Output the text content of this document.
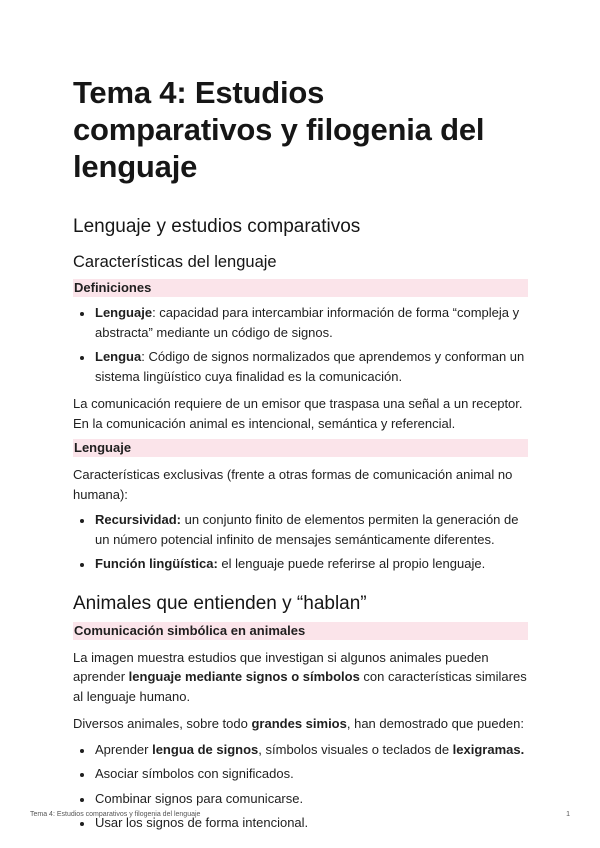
Tema 4: Estudios comparativos y filogenia del lenguaje
Lenguaje y estudios comparativos
Características del lenguaje
Definiciones
• Lenguaje: capacidad para intercambiar información de forma “compleja y abstracta” mediante un código de signos.
• Lengua: Código de signos normalizados que aprendemos y conforman un sistema lingüístico cuya finalidad es la comunicación.

La comunicación requiere de un emisor que traspasa una señal a un receptor. En la comunicación animal es intencional, semántica y referencial.

Lenguaje

Características exclusivas (frente a otras formas de comunicación animal no humana):

• Recursividad: un conjunto finito de elementos permiten la generación de un número potencial infinito de mensajes semánticamente diferentes.
• Función lingüística: el lenguaje puede referirse al propio lenguaje.
Animales que entienden y “hablan”
Comunicación simbólica en animales

La imagen muestra estudios que investigan si algunos animales pueden aprender lenguaje mediante signos o símbolos con características similares al lenguaje humano.

Diversos animales, sobre todo grandes simios, han demostrado que pueden:

• Aprender lengua de signos, símbolos visuales o teclados de lexigramas.
• Asociar símbolos con significados.
• Combinar signos para comunicarse.
• Usar los signos de forma intencional.
Tema 4: Estudios comparativos y filogenia del lenguaje	1
